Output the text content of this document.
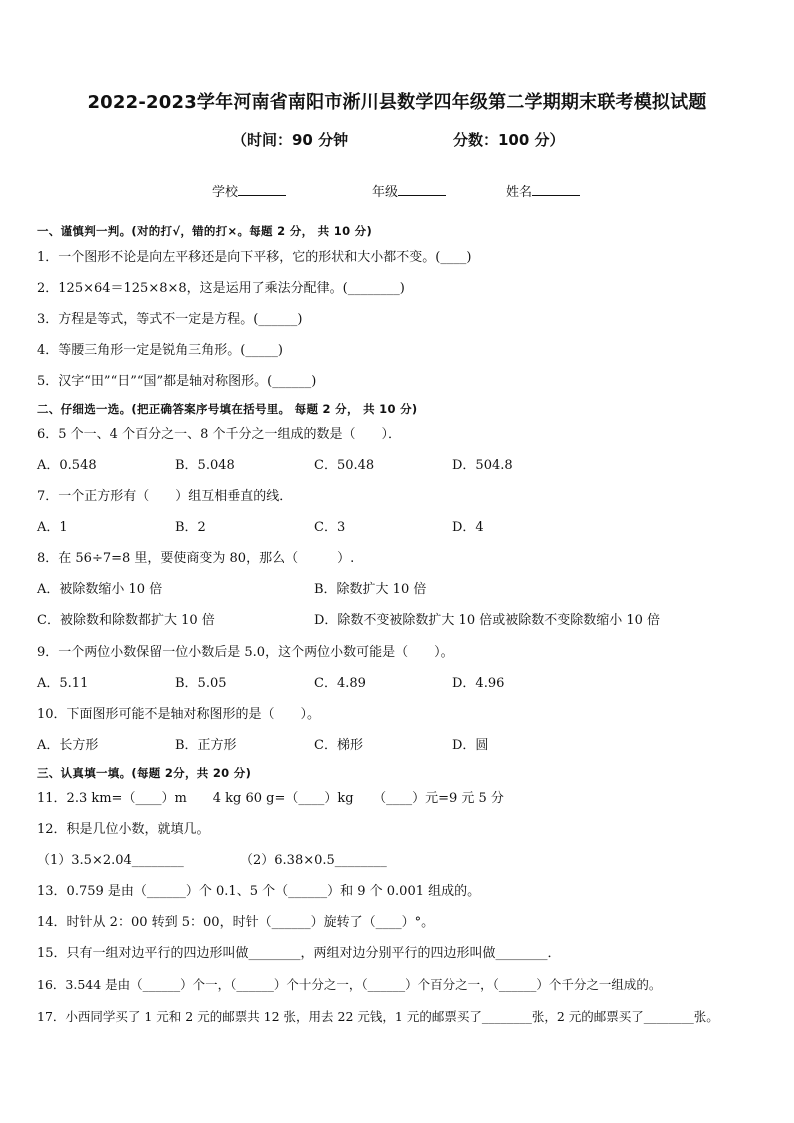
2022-2023学年河南省南阳市淅川县数学四年级第二学期期末联考模拟试题
（时间：90 分钟	分数：100 分）
学校	年级	姓名
一、谨慎判一判。(对的打√，错的打×。每题 2 分， 共 10 分)
1．一个图形不论是向左平移还是向下平移，它的形状和大小都不变。(____)
2．125×64＝125×8×8，这是运用了乘法分配律。(________)
3．方程是等式，等式不一定是方程。(______)
4．等腰三角形一定是锐角三角形。(_____)
5．汉字“田”“日”“国”都是轴对称图形。(______)
二、仔细选一选。(把正确答案序号填在括号里。 每题 2 分， 共 10 分)
6．5 个一、4 个百分之一、8 个千分之一组成的数是（　　）．
A．0.548	B．5.048	C．50.48	D．504.8
7．一个正方形有（　　）组互相垂直的线．
A．1	B．2	C．3	D．4
8．在 56÷7=8 里，要使商变为 80，那么（　　　）.
A．被除数缩小 10 倍	B．除数扩大 10 倍
C．被除数和除数都扩大 10 倍	D．除数不变被除数扩大 10 倍或被除数不变除数缩小 10 倍
9．一个两位小数保留一位小数后是 5.0，这个两位小数可能是（　　）。
A．5.11	B．5.05	C．4.89	D．4.96
10．下面图形可能不是轴对称图形的是（　　）。
A．长方形	B．正方形	C．梯形	D．圆
三、认真填一填。(每题 2分，共 20 分)
11．2.3 km=（____）m　　4 kg 60 g=（____）kg　　（____）元=9 元 5 分
12．积是几位小数，就填几。
（1）3.5×2.04________	（2）6.38×0.5________
13．0.759 是由（______）个 0.1、5 个（______）和 9 个 0.001 组成的。
14．时针从 2：00 转到 5：00，时针（______）旋转了（____）°。
15．只有一组对边平行的四边形叫做________，两组对边分别平行的四边形叫做________．
16．3.544 是由（______）个一，（______）个十分之一，（______）个百分之一，（______）个千分之一组成的。
17．小西同学买了 1 元和 2 元的邮票共 12 张，用去 22 元钱，1 元的邮票买了________张，2 元的邮票买了________张。
